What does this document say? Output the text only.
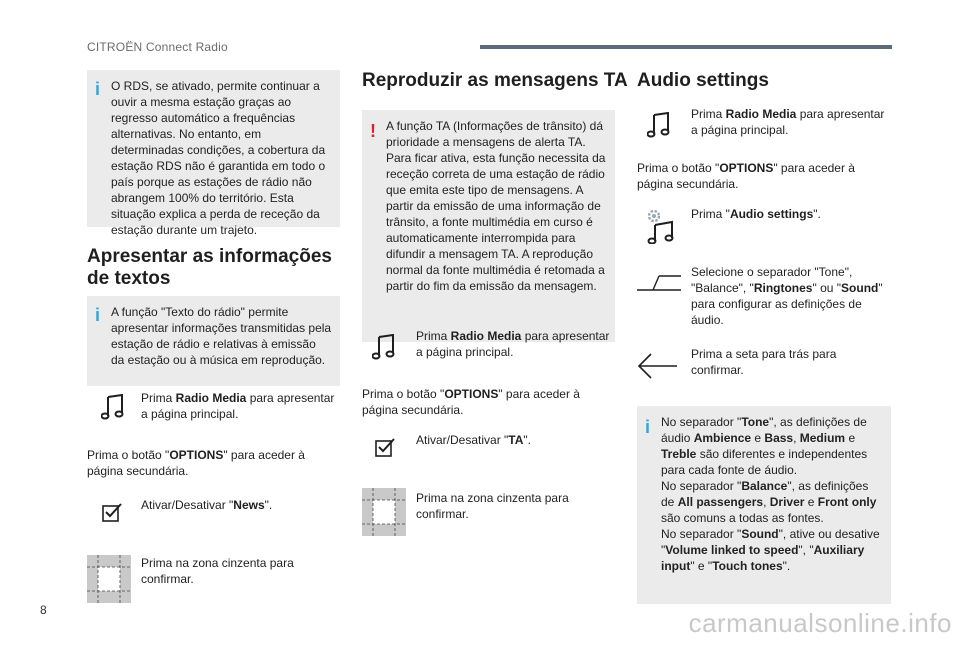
CITROËN Connect Radio
i O RDS, se ativado, permite continuar a ouvir a mesma estação graças ao regresso automático a frequências alternativas. No entanto, em determinadas condições, a cobertura da estação RDS não é garantida em todo o país porque as estações de rádio não abrangem 100% do território. Esta situação explica a perda de receção da estação durante um trajeto.

Apresentar as informações
de textos
i A função "Texto do rádio" permite apresentar informações transmitidas pela estação de rádio e relativas à emissão da estação ou à música em reprodução.

Prima Radio Media para apresentar a página principal.
Prima o botão "OPTIONS" para aceder à página secundária.
Ativar/Desativar "News".
Prima na zona cinzenta para confirmar.
Reproduzir as mensagens TA
! A função TA (Informações de trânsito) dá prioridade a mensagens de alerta TA. Para ficar ativa, esta função necessita da receção correta de uma estação de rádio que emita este tipo de mensagens. A partir da emissão de uma informação de trânsito, a fonte multimédia em curso é automaticamente interrompida para difundir a mensagem TA. A reprodução normal da fonte multimédia é retomada a partir do fim da emissão da mensagem.

Prima Radio Media para apresentar a página principal.
Prima o botão "OPTIONS" para aceder à página secundária.
Ativar/Desativar "TA".
Prima na zona cinzenta para confirmar.
Audio settings
Prima Radio Media para apresentar a página principal.
Prima o botão "OPTIONS" para aceder à página secundária.
Prima "Audio settings".
Selecione o separador "Tone", "Balance", "Ringtones" ou "Sound" para configurar as definições de áudio.
Prima a seta para trás para confirmar.
i No separador "Tone", as definições de áudio Ambience e Bass, Medium e Treble são diferentes e independentes para cada fonte de áudio.
No separador "Balance", as definições de All passengers, Driver e Front only são comuns a todas as fontes.
No separador "Sound", ative ou desative "Volume linked to speed", "Auxiliary input" e "Touch tones".

8	carmanualsonline.info
